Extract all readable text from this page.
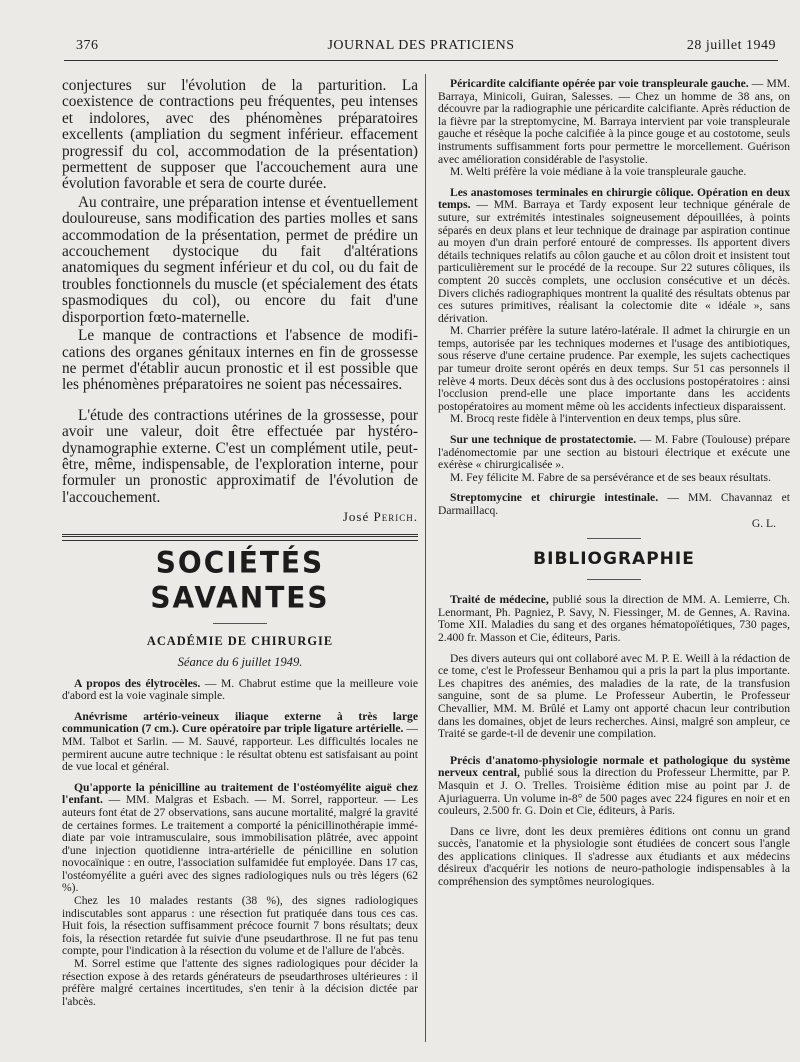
376	JOURNAL DES PRATICIENS	28 juillet 1949

conjectures sur l'évolution de la parturition. La coexistence de contractions peu fréquentes, peu intenses et indolores, avec des phénomènes préparatoires excellents (ampliation du segment inférieur. effacement progressif du col, accommodation de la présentation) permettent de supposer que l'accouchement aura une évolution favorable et sera de courte durée.

Au contraire, une préparation intense et éventuellement douloureuse, sans modification des parties molles et sans accommodation de la présentation, permet de prédire un accouchement dystocique du fait d'altérations anatomiques du segment inférieur et du col, ou du fait de troubles fonctionnels du muscle (et spécialement des états spasmodiques du col), ou encore du fait d'une disporportion fœto-maternelle.

Le manque de contractions et l'absence de modifications des organes génitaux internes en fin de grossesse ne permet d'établir aucun pronostic et il est possible que les phénomènes préparatoires ne soient pas nécessaires.

L'étude des contractions utérines de la grossesse, pour avoir une valeur, doit être effectuée par hystérodynamographie externe. C'est un complément utile, peut-être, même, indispensable, de l'exploration interne, pour formuler un pronostic approximatif de l'évolution de l'accouchement.

José Perich.
SOCIÉTÉS SAVANTES
ACADÉMIE DE CHIRURGIE
Séance du 6 juillet 1949.

A propos des élytrocèles. — M. Chabrut estime que la meilleure voie d'abord est la voie vaginale simple.

Anévrisme artério-veineux iliaque externe à très large communication (7 cm.). Cure opératoire par triple ligature artérielle. — MM. Talbot et Sarlin. — M. Sauvé, rapporteur. Les difficultés locales ne permirent aucune autre technique : le résultat obtenu est satisfaisant au point de vue local et général.

Qu'apporte la pénicilline au traitement de l'ostéomyélite aiguë chez l'enfant. — MM. Malgras et Esbach. — M. Sorrel, rapporteur. — Les auteurs font état de 27 observations, sans aucune mortalité, malgré la gravité de certaines formes. Le traitement a comporté la pénicillinothérapie immédiate par voie intramusculaire, sous immobilisation plâtrée, avec appoint d'une injection quotidienne intra-artérielle de pénicilline en solution novocaïnique : en outre, l'association sulfamidée fut employée. Dans 17 cas, l'ostéomyélite a guéri avec des signes radiologiques nuls ou très légers (62 %).

Chez les 10 malades restants (38 %), des signes radiologiques indiscutables sont apparus : une résection fut pratiquée dans tous ces cas. Huit fois, la résection suffisamment précoce fournit 7 bons résultats; deux fois, la résection retardée fut suivie d'une pseudarthrose. Il ne fut pas tenu compte, pour l'indication à la résection du volume et de l'allure de l'abcès.

M. Sorrel estime que l'attente des signes radiologiques pour décider la résection expose à des retards générateurs de pseudarthroses ultérieures : il préfère malgré certaines incertitudes, s'en tenir à la décision dictée par l'abcès.

Péricardite calcifiante opérée par voie transpleurale gauche. — MM. Barraya, Minicoli, Guiran, Salesses. — Chez un homme de 38 ans, on découvre par la radiographie une péricardite calcifiante. Après réduction de la fièvre par la streptomycine, M. Barraya intervient par voie transpleurale gauche et résèque la poche calcifiée à la pince gouge et au costotome, seuls instruments suffisamment forts pour permettre le morcellement. Guérison avec amélioration considérable de l'asystolie.

M. Welti préfère la voie médiane à la voie transpleurale gauche.

Les anastomoses terminales en chirurgie côlique. Opération en deux temps. — MM. Barraya et Tardy exposent leur technique générale de suture, sur extrémités intestinales soigneusement dépouillées, à points séparés en deux plans et leur technique de drainage par aspiration continue au moyen d'un drain perforé entouré de compresses. Ils apportent divers détails techniques relatifs au côlon gauche et au côlon droit et insistent tout particulièrement sur le procédé de la recoupe. Sur 22 sutures côliques, ils comptent 20 succès complets, une occlusion consécutive et un décès. Divers clichés radiographiques montrent la qualité des résultats obtenus par ces sutures primitives, réalisant la colectomie dite « idéale », sans dérivation.

M. Charrier préfère la suture latéro-latérale. Il admet la chirurgie en un temps, autorisée par les techniques modernes et l'usage des antibiotiques, sous réserve d'une certaine prudence. Par exemple, les sujets cachectiques par tumeur droite seront opérés en deux temps. Sur 51 cas personnels il relève 4 morts. Deux décès sont dus à des occlusions postopératoires : ainsi l'occlusion prend-elle une place importante dans les accidents postopératoires au moment même où les accidents infectieux disparaissent.

M. Brocq reste fidèle à l'intervention en deux temps, plus sûre.

Sur une technique de prostatectomie. — M. Fabre (Toulouse) prépare l'adénomectomie par une section au bistouri électrique et exécute une exérèse « chirurgicalisée ».

M. Fey félicite M. Fabre de sa persévérance et de ses beaux résultats.

Streptomycine et chirurgie intestinale. — MM. Chavannaz et Darmaillacq.

G. L.

BIBLIOGRAPHIE

Traité de médecine, publié sous la direction de MM. A. Lemierre, Ch. Lenormant, Ph. Pagniez, P. Savy, N. Fiessinger, M. de Gennes, A. Ravina. Tome XII. Maladies du sang et des organes hématopoïétiques, 730 pages, 2.400 fr. Masson et Cie, éditeurs, Paris.

Des divers auteurs qui ont collaboré avec M. P. E. Weill à la rédaction de ce tome, c'est le Professeur Benhamou qui a pris la part la plus importante. Les chapitres des anémies, des maladies de la rate, de la transfusion sanguine, sont de sa plume. Le Professeur Aubertin, le Professeur Chevallier, MM. M. Brûlé et Lamy ont apporté chacun leur contribution dans les domaines, objet de leurs recherches. Ainsi, malgré son ampleur, ce Traité se garde-t-il de devenir une compilation.

Précis d'anatomo-physiologie normale et pathologique du système nerveux central, publié sous la direction du Professeur Lhermitte, par P. Masquin et J. O. Trelles. Troisième édition mise au point par J. de Ajuriaguerra. Un volume in-8° de 500 pages avec 224 figures en noir et en couleurs, 2.500 fr. G. Doin et Cie, éditeurs, à Paris.

Dans ce livre, dont les deux premières éditions ont connu un grand succès, l'anatomie et la physiologie sont étudiées de concert sous l'angle des applications cliniques. Il s'adresse aux étudiants et aux médecins désireux d'acquérir les notions de neuro-pathologie indispensables à la compréhension des symptômes neurologiques.
